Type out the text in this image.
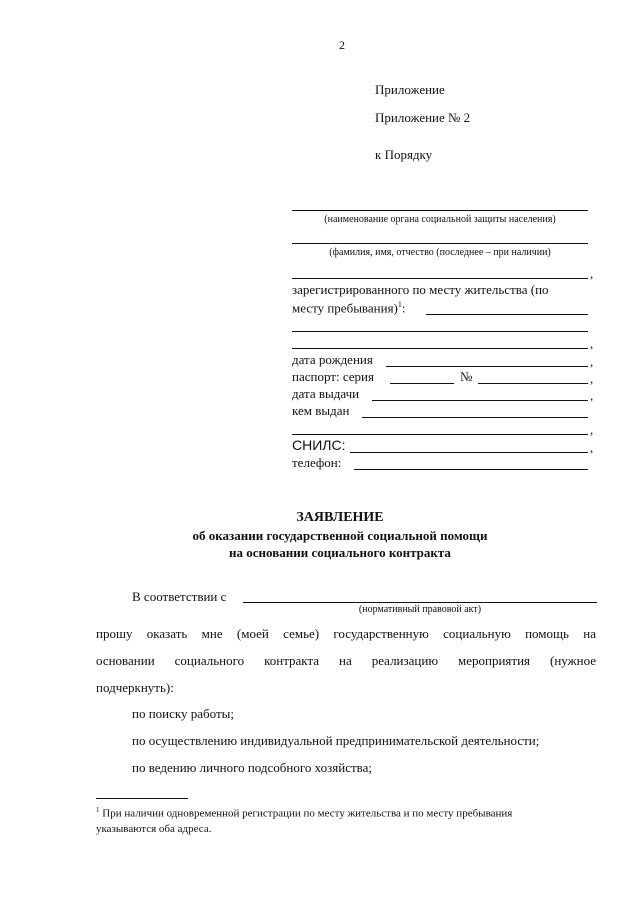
2
Приложение
Приложение № 2
к Порядку
(наименование органа социальной защиты населения)
(фамилия, имя, отчество (последнее – при наличии)
,
зарегистрированного по месту жительства (по
месту пребывания)$^1$:
,
дата рождения	,
паспорт: серия	№	,
дата выдачи	,
кем выдан
,
СНИЛС:	,
телефон:
ЗАЯВЛЕНИЕ
об оказании государственной социальной помощи
на основании социального контракта
В соответствии с
(нормативный правовой акт)
прошу оказать мне (моей семье) государственную социальную помощь на
основании социального контракта на реализацию мероприятия (нужное
подчеркнуть):
по поиску работы;
по осуществлению индивидуальной предпринимательской деятельности;
по ведению личного подсобного хозяйства;
$^1$ При наличии одновременной регистрации по месту жительства и по месту пребывания
указываются оба адреса.
